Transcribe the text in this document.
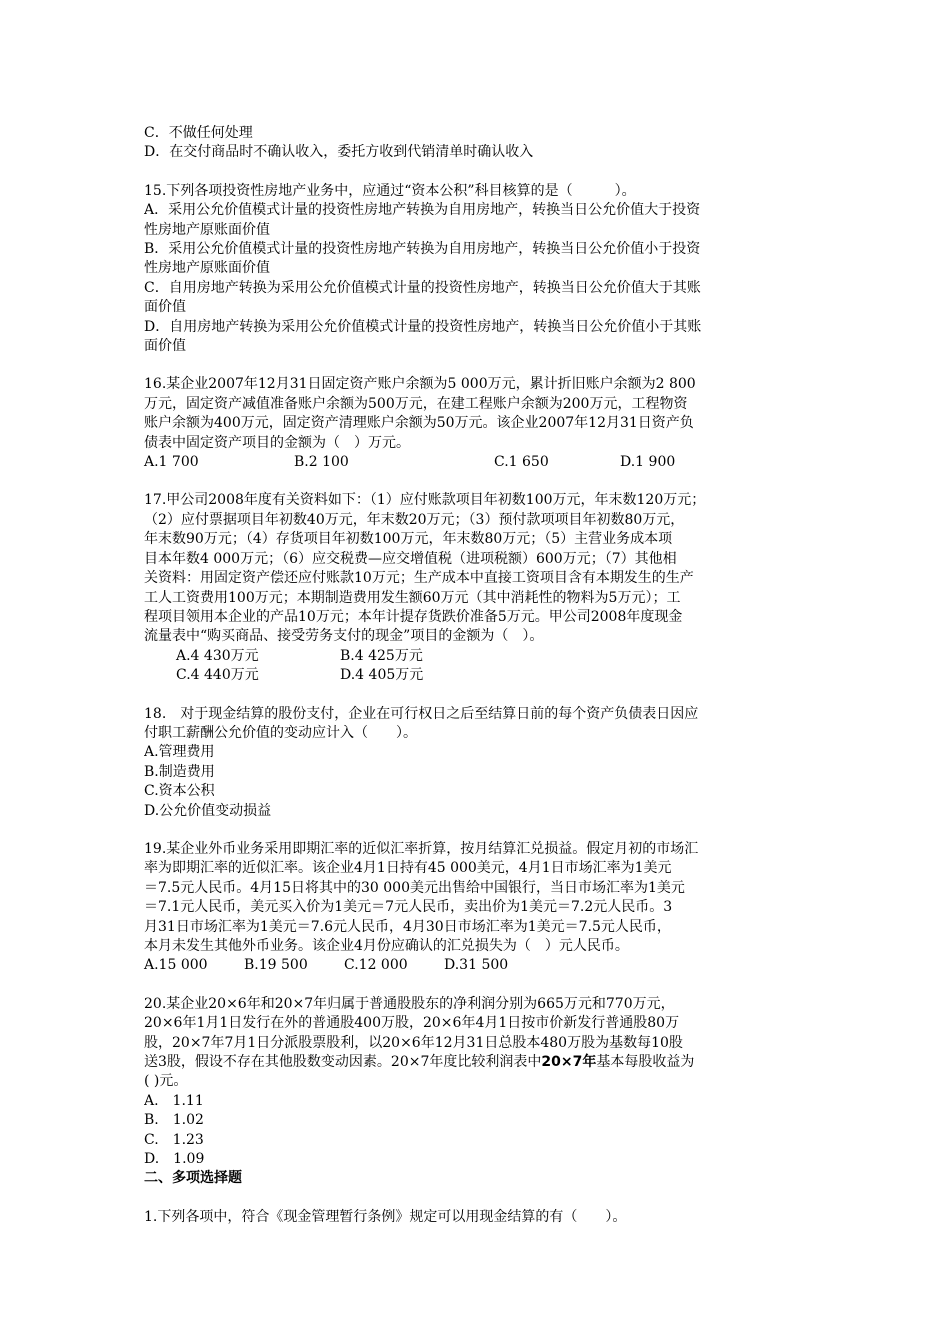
C．不做任何处理
D．在交付商品时不确认收入，委托方收到代销清单时确认收入
15.下列各项投资性房地产业务中，应通过“资本公积”科目核算的是（　　　）。
A．采用公允价值模式计量的投资性房地产转换为自用房地产，转换当日公允价值大于投资
性房地产原账面价值
B．采用公允价值模式计量的投资性房地产转换为自用房地产，转换当日公允价值小于投资
性房地产原账面价值
C．自用房地产转换为采用公允价值模式计量的投资性房地产，转换当日公允价值大于其账
面价值
D．自用房地产转换为采用公允价值模式计量的投资性房地产，转换当日公允价值小于其账
面价值
16.某企业2007年12月31日固定资产账户余额为5 000万元，累计折旧账户余额为2 800
万元，固定资产减值准备账户余额为500万元，在建工程账户余额为200万元，工程物资
账户余额为400万元，固定资产清理账户余额为50万元。该企业2007年12月31日资产负
债表中固定资产项目的金额为（　）万元。
A.1 700	B.2 100	C.1 650	D.1 900
17.甲公司2008年度有关资料如下：（1）应付账款项目年初数100万元，年末数120万元；
（2）应付票据项目年初数40万元，年末数20万元；（3）预付款项项目年初数80万元，
年末数90万元；（4）存货项目年初数100万元，年末数80万元；（5）主营业务成本项
目本年数4 000万元；（6）应交税费—应交增值税（进项税额）600万元；（7）其他相
关资料：用固定资产偿还应付账款10万元；生产成本中直接工资项目含有本期发生的生产
工人工资费用100万元；本期制造费用发生额60万元（其中消耗性的物料为5万元）；工
程项目领用本企业的产品10万元；本年计提存货跌价准备5万元。甲公司2008年度现金
流量表中“购买商品、接受劳务支付的现金”项目的金额为（　）。
A.4 430万元	B.4 425万元
C.4 440万元	D.4 405万元
18.　对于现金结算的股份支付，企业在可行权日之后至结算日前的每个资产负债表日因应
付职工薪酬公允价值的变动应计入（　　）。
A.管理费用
B.制造费用
C.资本公积
D.公允价值变动损益
19.某企业外币业务采用即期汇率的近似汇率折算，按月结算汇兑损益。假定月初的市场汇
率为即期汇率的近似汇率。该企业4月1日持有45 000美元，4月1日市场汇率为1美元
＝7.5元人民币。4月15日将其中的30 000美元出售给中国银行，当日市场汇率为1美元
＝7.1元人民币，美元买入价为1美元＝7元人民币，卖出价为1美元＝7.2元人民币。3
月31日市场汇率为1美元＝7.6元人民币，4月30日市场汇率为1美元＝7.5元人民币，
本月未发生其他外币业务。该企业4月份应确认的汇兑损失为（　）元人民币。
A.15 000	B.19 500	C.12 000	D.31 500
20.某企业20×6年和20×7年归属于普通股股东的净利润分别为665万元和770万元，
20×6年1月1日发行在外的普通股400万股，20×6年4月1日按市价新发行普通股80万
股，20×7年7月1日分派股票股利，以20×6年12月31日总股本480万股为基数每10股
送3股，假设不存在其他股数变动因素。20×7年度比较利润表中20×7年基本每股收益为
( )元。
A.　1.11
B.　1.02
C.　1.23
D.　1.09
二、多项选择题
1.下列各项中，符合《现金管理暂行条例》规定可以用现金结算的有（　　）。
